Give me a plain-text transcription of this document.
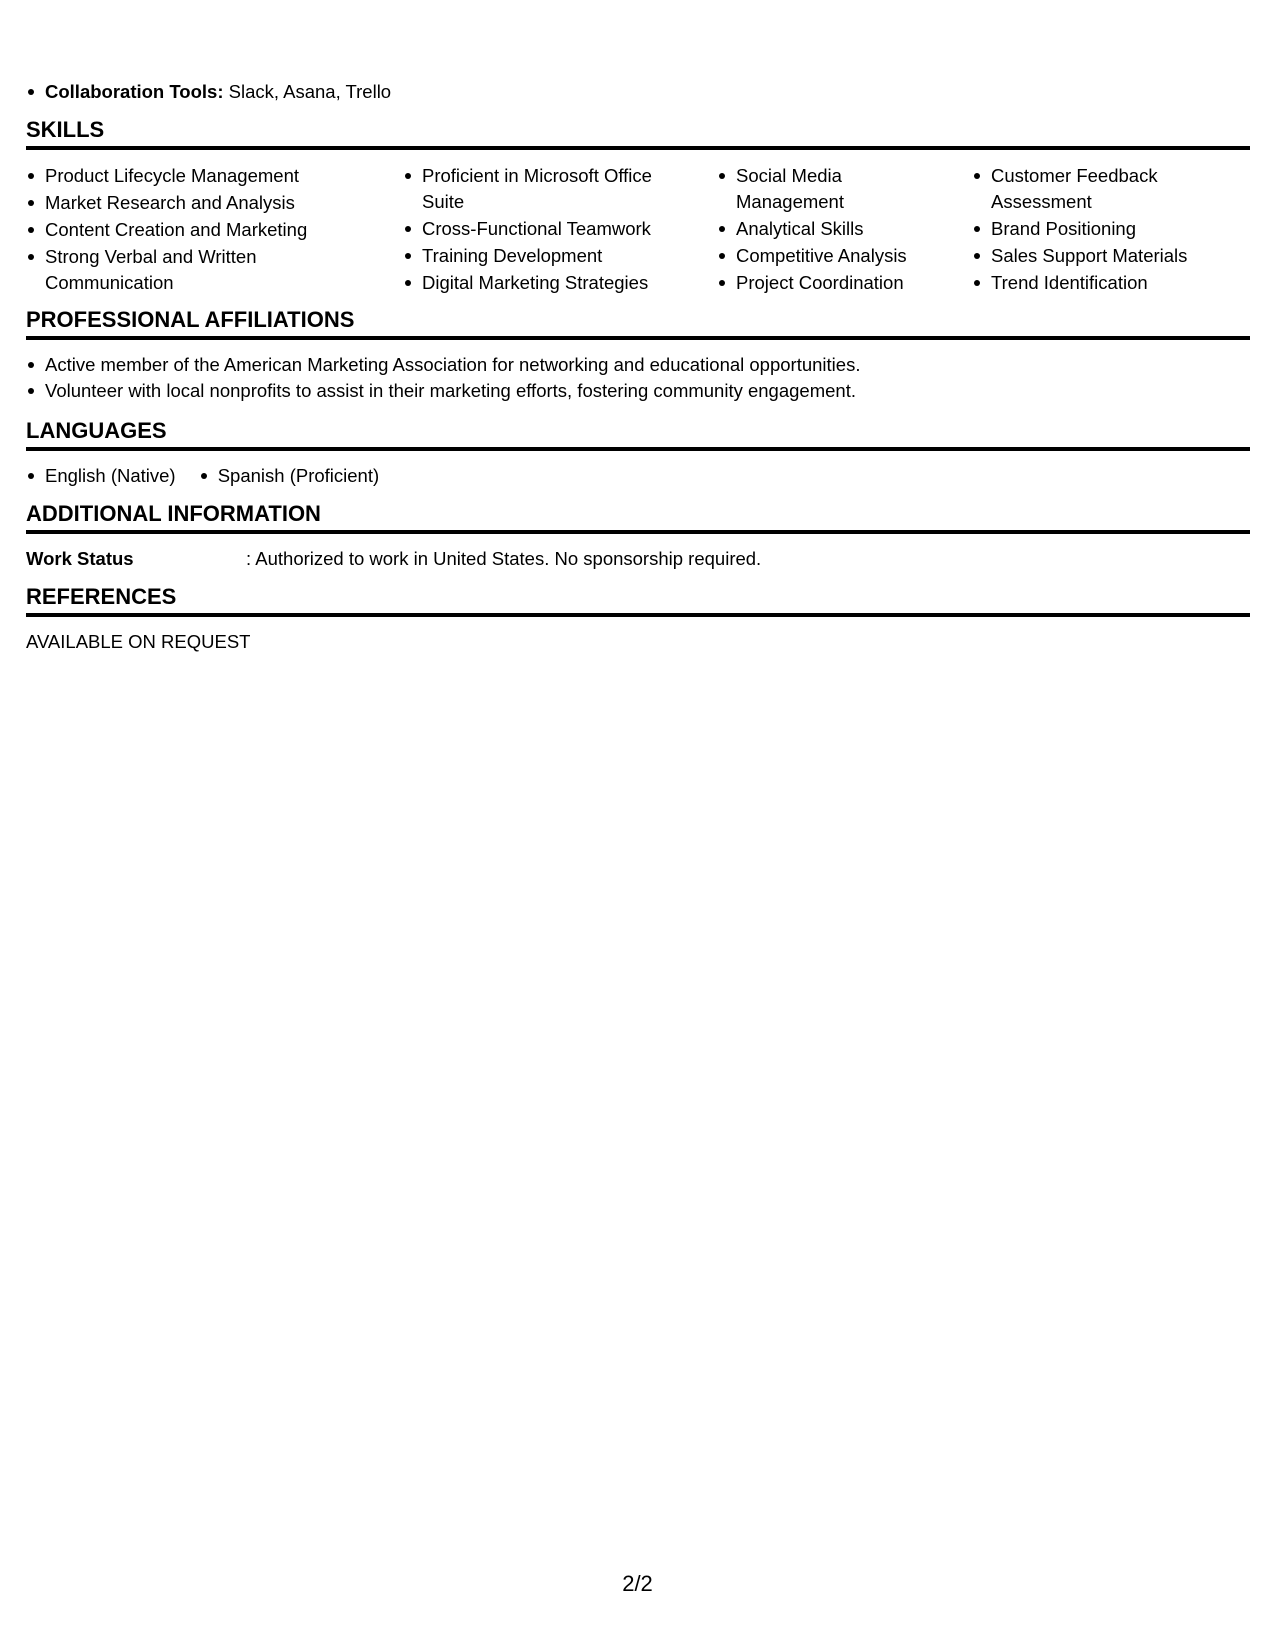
Collaboration Tools: Slack, Asana, Trello
SKILLS
Product Lifecycle Management
Market Research and Analysis
Content Creation and Marketing
Strong Verbal and Written Communication
Proficient in Microsoft Office Suite
Cross-Functional Teamwork
Training Development
Digital Marketing Strategies
Social Media Management
Analytical Skills
Competitive Analysis
Project Coordination
Customer Feedback Assessment
Brand Positioning
Sales Support Materials
Trend Identification
PROFESSIONAL AFFILIATIONS
Active member of the American Marketing Association for networking and educational opportunities.
Volunteer with local nonprofits to assist in their marketing efforts, fostering community engagement.
LANGUAGES
English (Native) Spanish (Proficient)
ADDITIONAL INFORMATION
Work Status	: Authorized to work in United States. No sponsorship required.
REFERENCES
AVAILABLE ON REQUEST
2/2
